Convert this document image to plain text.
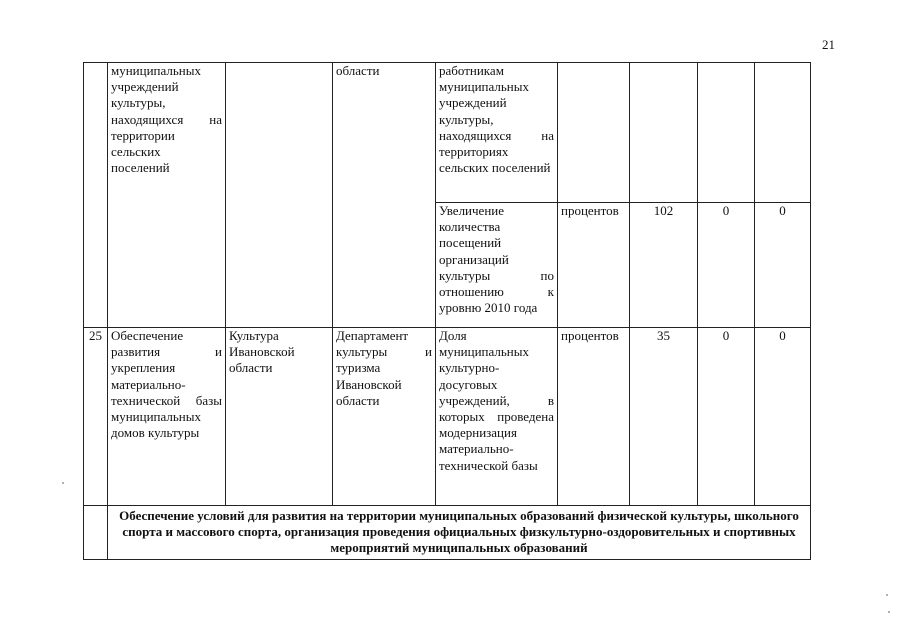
21
	муниципальных учреждений культуры, находящихся на территории сельских поселений		области	работникам муниципальных учреждений культуры, находящихся на территориях сельских поселений				
				Увеличение количества посещений организаций культуры по отношению к уровню 2010 года	процентов	102	0	0
25	Обеспечение развития и укрепления материально-технической базы муниципальных домов культуры	Культура Ивановской области	Департамент культуры и туризма Ивановской области	Доля муниципальных культурно-досуговых учреждений, в которых проведена модернизация материально-технической базы	процентов	35	0	0
	Обеспечение условий для развития на территории муниципальных образований физической культуры, школьного спорта и массового спорта, организация проведения официальных физкультурно-оздоровительных и спортивных мероприятий муниципальных образований							
